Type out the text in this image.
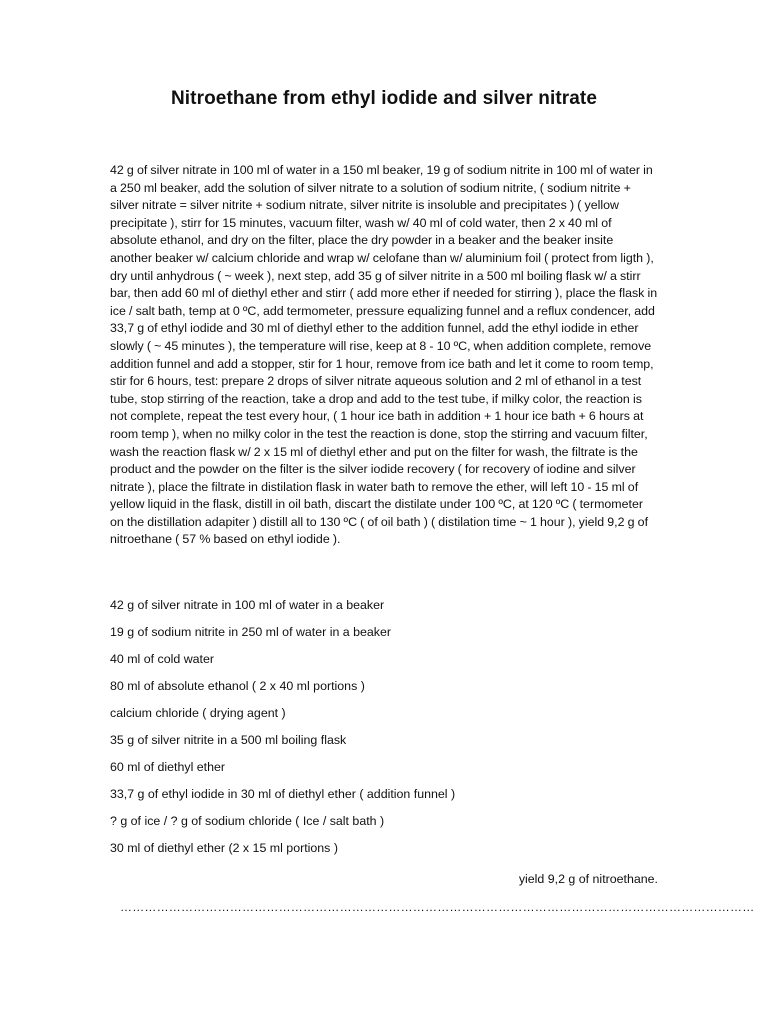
Nitroethane from ethyl iodide and silver nitrate

42 g of silver nitrate in 100 ml of water in a 150 ml beaker, 19 g of sodium nitrite in 100 ml of water in a 250 ml beaker, add the solution of silver nitrate to a solution of sodium nitrite, ( sodium nitrite + silver nitrate = silver nitrite + sodium nitrate, silver nitrite is insoluble and precipitates ) ( yellow precipitate ), stirr for 15 minutes, vacuum filter, wash w/ 40 ml of cold water, then 2 x 40 ml of absolute ethanol, and dry on the filter, place the dry powder in a beaker and the beaker insite another beaker w/ calcium chloride and wrap w/ celofane than w/ aluminium foil ( protect from ligth ), dry until anhydrous ( ~ week ), next step, add 35 g of silver nitrite in a 500 ml boiling flask w/ a stirr bar, then add 60 ml of diethyl ether and stirr ( add more ether if needed for stirring ), place the flask in ice / salt bath, temp at 0 ºC, add termometer, pressure equalizing funnel and a reflux condencer, add 33,7 g of ethyl iodide and 30 ml of diethyl ether to the addition funnel, add the ethyl iodide in ether slowly ( ~ 45 minutes ), the temperature will rise, keep at 8 - 10 ºC, when addition complete, remove addition funnel and add a stopper, stir for 1 hour, remove from ice bath and let it come to room temp, stir for 6 hours, test: prepare 2 drops of silver nitrate aqueous solution and 2 ml of ethanol in a test tube, stop stirring of the reaction, take a drop and add to the test tube, if milky color, the reaction is not complete, repeat the test every hour, ( 1 hour ice bath in addition + 1 hour ice bath + 6 hours at room temp ), when no milky color in the test the reaction is done, stop the stirring and vacuum filter, wash the reaction flask w/ 2 x 15 ml of diethyl ether and put on the filter for wash, the filtrate is the product and the powder on the filter is the silver iodide recovery ( for recovery of iodine and silver nitrate ), place the filtrate in distilation flask in water bath to remove the ether, will left 10 - 15 ml of yellow liquid in the flask, distill in oil bath, discart the distilate under 100 ºC, at 120 ºC ( termometer on the distillation adapiter ) distill all to 130 ºC ( of oil bath ) ( distilation time ~ 1 hour ), yield 9,2 g of nitroethane ( 57 % based on ethyl iodide ).

42 g of silver nitrate in 100 ml of water in a beaker
19 g of sodium nitrite in 250 ml of water in a beaker
40 ml of cold water
80 ml of absolute ethanol ( 2 x 40 ml portions )
calcium chloride ( drying agent )
35 g of silver nitrite in a 500 ml boiling flask
60 ml of diethyl ether
33,7 g of ethyl iodide in 30 ml of diethyl ether ( addition funnel )
? g of ice / ? g of sodium chloride ( Ice / salt bath )
30 ml of diethyl ether (2 x 15 ml portions )
yield 9,2 g of nitroethane.
…………………………………………………………………………………………………………………………………………
